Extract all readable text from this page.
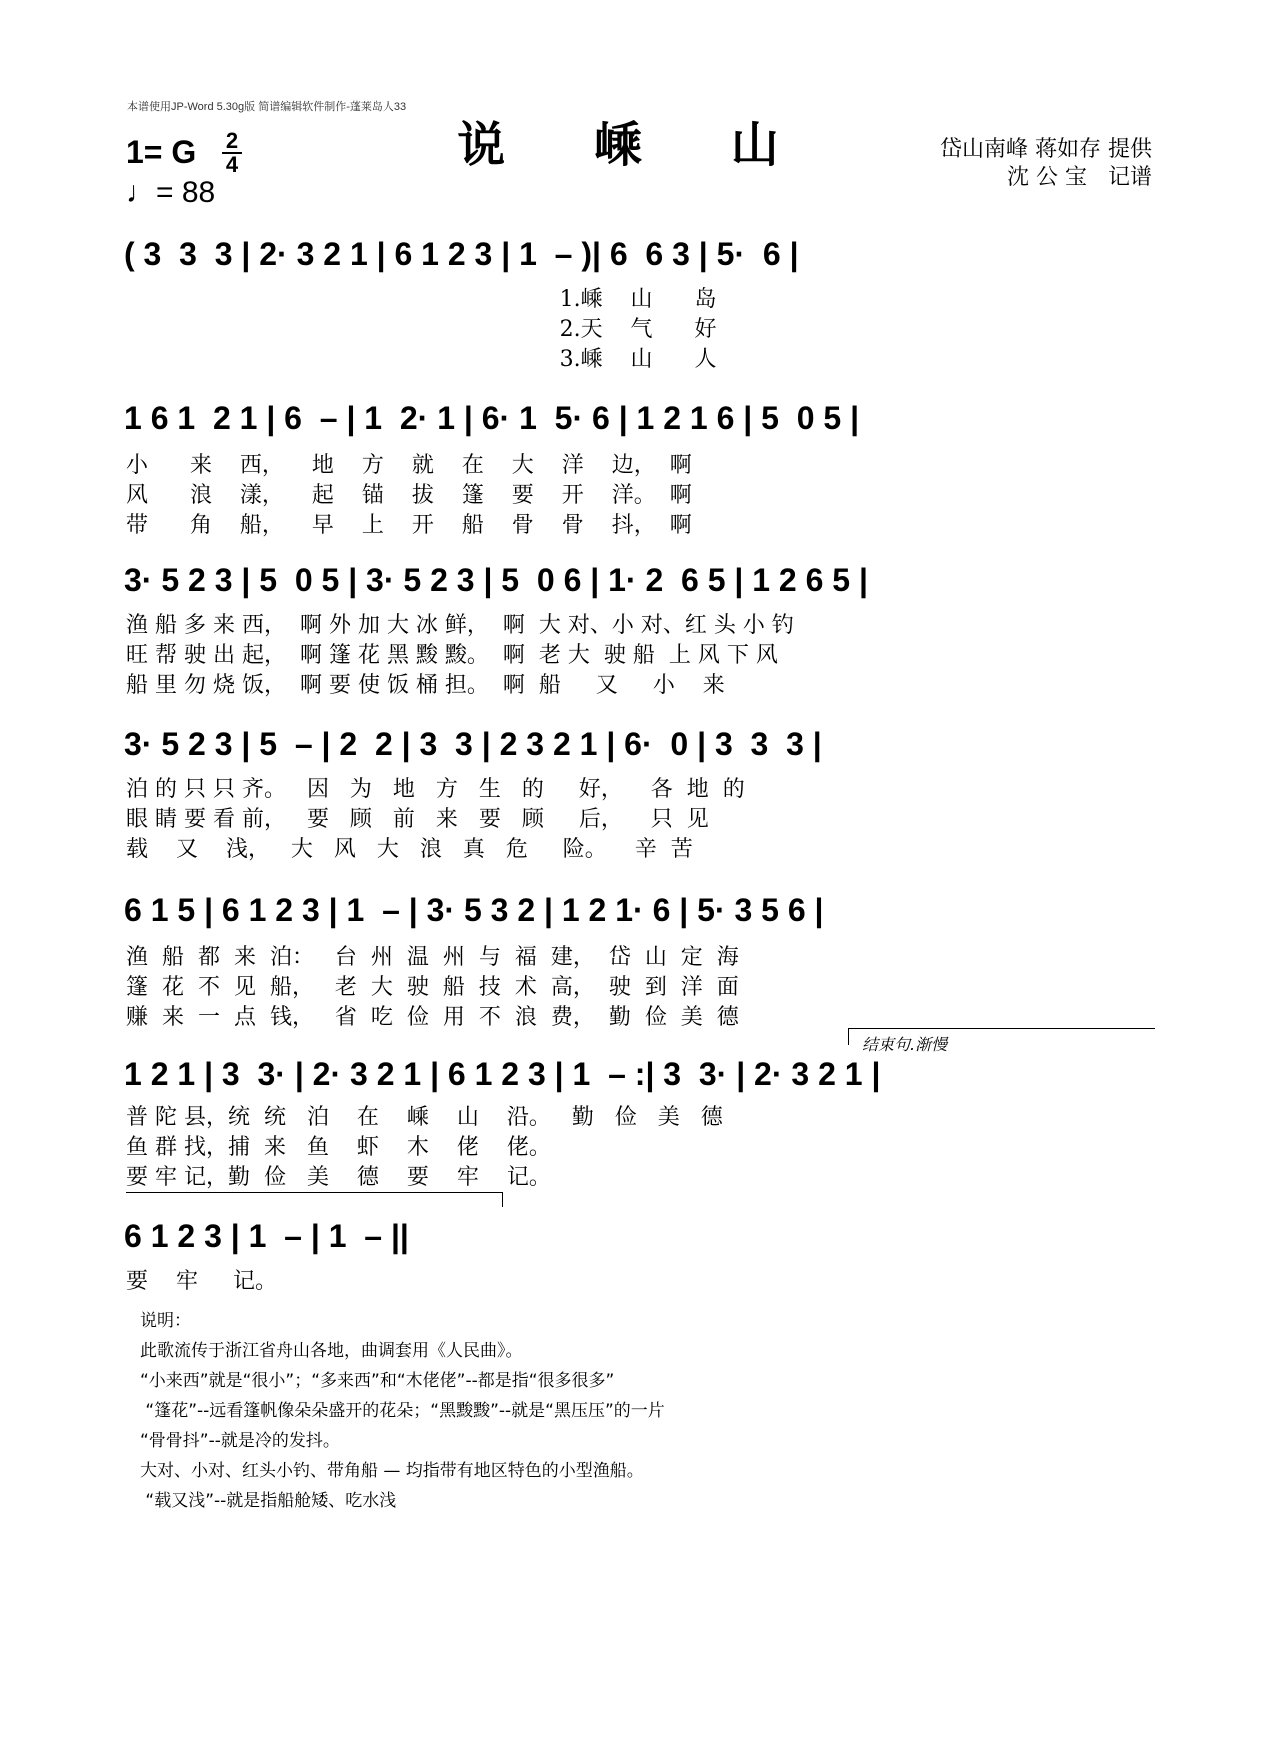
本谱使用JP-Word 5.30g版 简谱编辑软件制作-蓬莱岛人33
说 嵊 山
1= G 2
4
♩= 88
岱山南峰 蒋如存 提供
沈 公 宝   记谱
( 3  3  3 | 2· 3 2 1 | 6 1 2 3 | 1  – )| 6  6 3 | 5·  6 |
1.嵊    山      岛
2.天    气      好
3.嵊    山      人
1 6 1  2 1 | 6  – | 1  2· 1 | 6· 1  5· 6 | 1 2 1 6 | 5  0 5 |
小      来    西，    地    方    就    在    大    洋    边，  啊
风      浪    漾，    起    锚    拔    篷    要    开    洋。  啊
带      角    船，    早    上    开    船    骨    骨    抖，  啊
3· 5 2 3 | 5  0 5 | 3· 5 2 3 | 5  0 6 | 1· 2  6 5 | 1 2 6 5 |
渔 船 多 来 西，  啊 外 加 大 冰 鲜，  啊  大 对、小 对、红 头 小 钓
旺 帮 驶 出 起，  啊 篷 花 黑 黢 黢。  啊  老 大  驶 船  上 风 下 风
船 里 勿 烧 饭，  啊 要 使 饭 桶 担。  啊  船     又     小    来
3· 5 2 3 | 5  – | 2  2 | 3  3 | 2 3 2 1 | 6·  0 | 3  3  3 |
泊 的 只 只 齐。   因   为   地   方   生   的     好，    各  地  的
眼 睛 要 看 前，   要   顾   前   来   要   顾     后，    只  见
载    又    浅，   大   风   大   浪   真   危     险。    辛  苦
6 1 5 | 6 1 2 3 | 1  – | 3· 5 3 2 | 1 2 1· 6 | 5· 3 5 6 |
渔  船  都  来  泊：   台  州  温  州  与  福  建，  岱  山  定  海
篷  花  不  见  船，   老  大  驶  船  技  术  高，  驶  到  洋  面
赚  来  一  点  钱，   省  吃  俭  用  不  浪  费，  勤  俭  美  德
结束句.渐慢
1 2 1 | 3  3· | 2· 3 2 1 | 6 1 2 3 | 1  – :| 3  3· | 2· 3 2 1 |
普 陀 县，统  统   泊    在    嵊    山    沿。   勤   俭   美   德
鱼 群 找，捕  来   鱼    虾    木    佬    佬。
要 牢 记，勤  俭   美    德    要    牢    记。
6 1 2 3 | 1  – | 1  – ||
要    牢     记。
说明：
此歌流传于浙江省舟山各地，曲调套用《人民曲》。
“小来西”就是“很小”；“多来西”和“木佬佬”--都是指“很多很多”
“篷花”--远看篷帆像朵朵盛开的花朵；“黑黢黢”--就是“黑压压”的一片
“骨骨抖”--就是冷的发抖。
大对、小对、红头小钓、带角船 — 均指带有地区特色的小型渔船。
“载又浅”--就是指船舱矮、吃水浅
